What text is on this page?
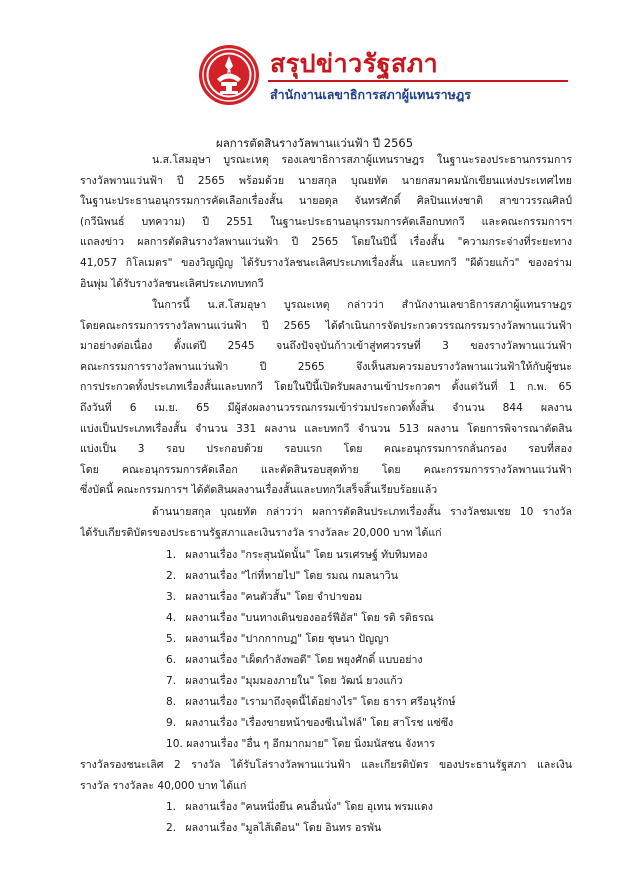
สรุปข่าวรัฐสภา
สำนักงานเลขาธิการสภาผู้แทนราษฎร
ผลการตัดสินรางวัลพานแว่นฟ้า ปี 2565
น.ส.โสมอุษา บูรณะเหตุ รองเลขาธิการสภาผู้แทนราษฎร ในฐานะรองประธานกรรมการ
รางวัลพานแว่นฟ้า ปี 2565 พร้อมด้วย นายสกุล บุณยทัต นายกสมาคมนักเขียนแห่งประเทศไทย
ในฐานะประธานอนุกรรมการคัดเลือกเรื่องสั้น นายอดุล จันทรศักดิ์ ศิลปินแห่งชาติ สาขาวรรณศิลป์
(กวีนิพนธ์ บทความ) ปี 2551 ในฐานะประธานอนุกรรมการคัดเลือกบทกวี และคณะกรรมการฯ
แถลงข่าว ผลการตัดสินรางวัลพานแว่นฟ้า ปี 2565 โดยในปีนี้ เรื่องสั้น "ความกระจ่างที่ระยะทาง
41,057 กิโลเมตร" ของวิญญิญ ได้รับรางวัลชนะเลิศประเภทเรื่องสั้น และบทกวี "ผีด้วยแก้ว" ของอร่าม
อินพุ่ม ได้รับรางวัลชนะเลิศประเภทบทกวี
ในการนี้ น.ส.โสมอุษา บูรณะเหตุ กล่าวว่า สำนักงานเลขาธิการสภาผู้แทนราษฎร
โดยคณะกรรมการรางวัลพานแว่นฟ้า ปี 2565 ได้ดำเนินการจัดประกวดวรรณกรรมรางวัลพานแว่นฟ้า
มาอย่างต่อเนื่อง ตั้งแต่ปี 2545 จนถึงปัจจุบันก้าวเข้าสู่ทศวรรษที่ 3 ของรางวัลพานแว่นฟ้า
คณะกรรมการรางวัลพานแว่นฟ้า ปี 2565 จึงเห็นสมควรมอบรางวัลพานแว่นฟ้าให้กับผู้ชนะ
การประกวดทั้งประเภทเรื่องสั้นและบทกวี โดยในปีนี้เปิดรับผลงานเข้าประกวดฯ ตั้งแต่วันที่ 1 ก.พ. 65
ถึงวันที่ 6 เม.ย. 65 มีผู้ส่งผลงานวรรณกรรมเข้าร่วมประกวดทั้งสิ้น จำนวน 844 ผลงาน
แบ่งเป็นประเภทเรื่องสั้น จำนวน 331 ผลงาน และบทกวี จำนวน 513 ผลงาน โดยการพิจารณาตัดสิน
แบ่งเป็น 3 รอบ ประกอบด้วย รอบแรก โดย คณะอนุกรรมการกลั่นกรอง รอบที่สอง
โดย คณะอนุกรรมการคัดเลือก และตัดสินรอบสุดท้าย โดย คณะกรรมการรางวัลพานแว่นฟ้า
ซึ่งบัดนี้ คณะกรรมการฯ ได้ตัดสินผลงานเรื่องสั้นและบทกวีเสร็จสิ้นเรียบร้อยแล้ว
ด้านนายสกุล บุณยทัต กล่าวว่า ผลการตัดสินประเภทเรื่องสั้น รางวัลชมเชย 10 รางวัล
ได้รับเกียรติบัตรของประธานรัฐสภาและเงินรางวัล รางวัลละ 20,000 บาท ได้แก่
1. ผลงานเรื่อง "กระสุนนัดนั้น" โดย นรเศรษฐ์ ทับทิมทอง
2. ผลงานเรื่อง "ไก่ที่หายไป" โดย รมณ กมลนาวิน
3. ผลงานเรื่อง "คนตัวสั้น" โดย จำปาขอม
4. ผลงานเรื่อง "บนทางเดินของออร์ฟีอัส" โดย รติ รติธรณ
5. ผลงานเรื่อง "ปากกากบฏ" โดย ชุษนา ปัญญา
6. ผลงานเรื่อง "เผ็ดกำลังพอดี" โดย พยุงศักดิ์ แบบอย่าง
7. ผลงานเรื่อง "มุมมองภายใน" โดย วัฒน์ ยวงแก้ว
8. ผลงานเรื่อง "เรามาถึงจุดนี้ได้อย่างไร" โดย ธารา ศรีอนุรักษ์
9. ผลงานเรื่อง "เรื่องขายหน้าของซีเนไฟล์" โดย สาโรช แซ่ซึง
10. ผลงานเรื่อง "อื่น ๆ อีกมากมาย" โดย นิ่งมนัสชน จังหาร
รางวัลรองชนะเลิศ 2 รางวัล ได้รับโล่รางวัลพานแว่นฟ้า และเกียรติบัตร ของประธานรัฐสภา และเงิน
รางวัล รางวัลละ 40,000 บาท ได้แก่
1. ผลงานเรื่อง "คนหนึ่งยืน คนอื่นนั่ง" โดย อุเทน พรมแดง
2. ผลงานเรื่อง "มูลไส้เดือน" โดย อินทร อรพัน
